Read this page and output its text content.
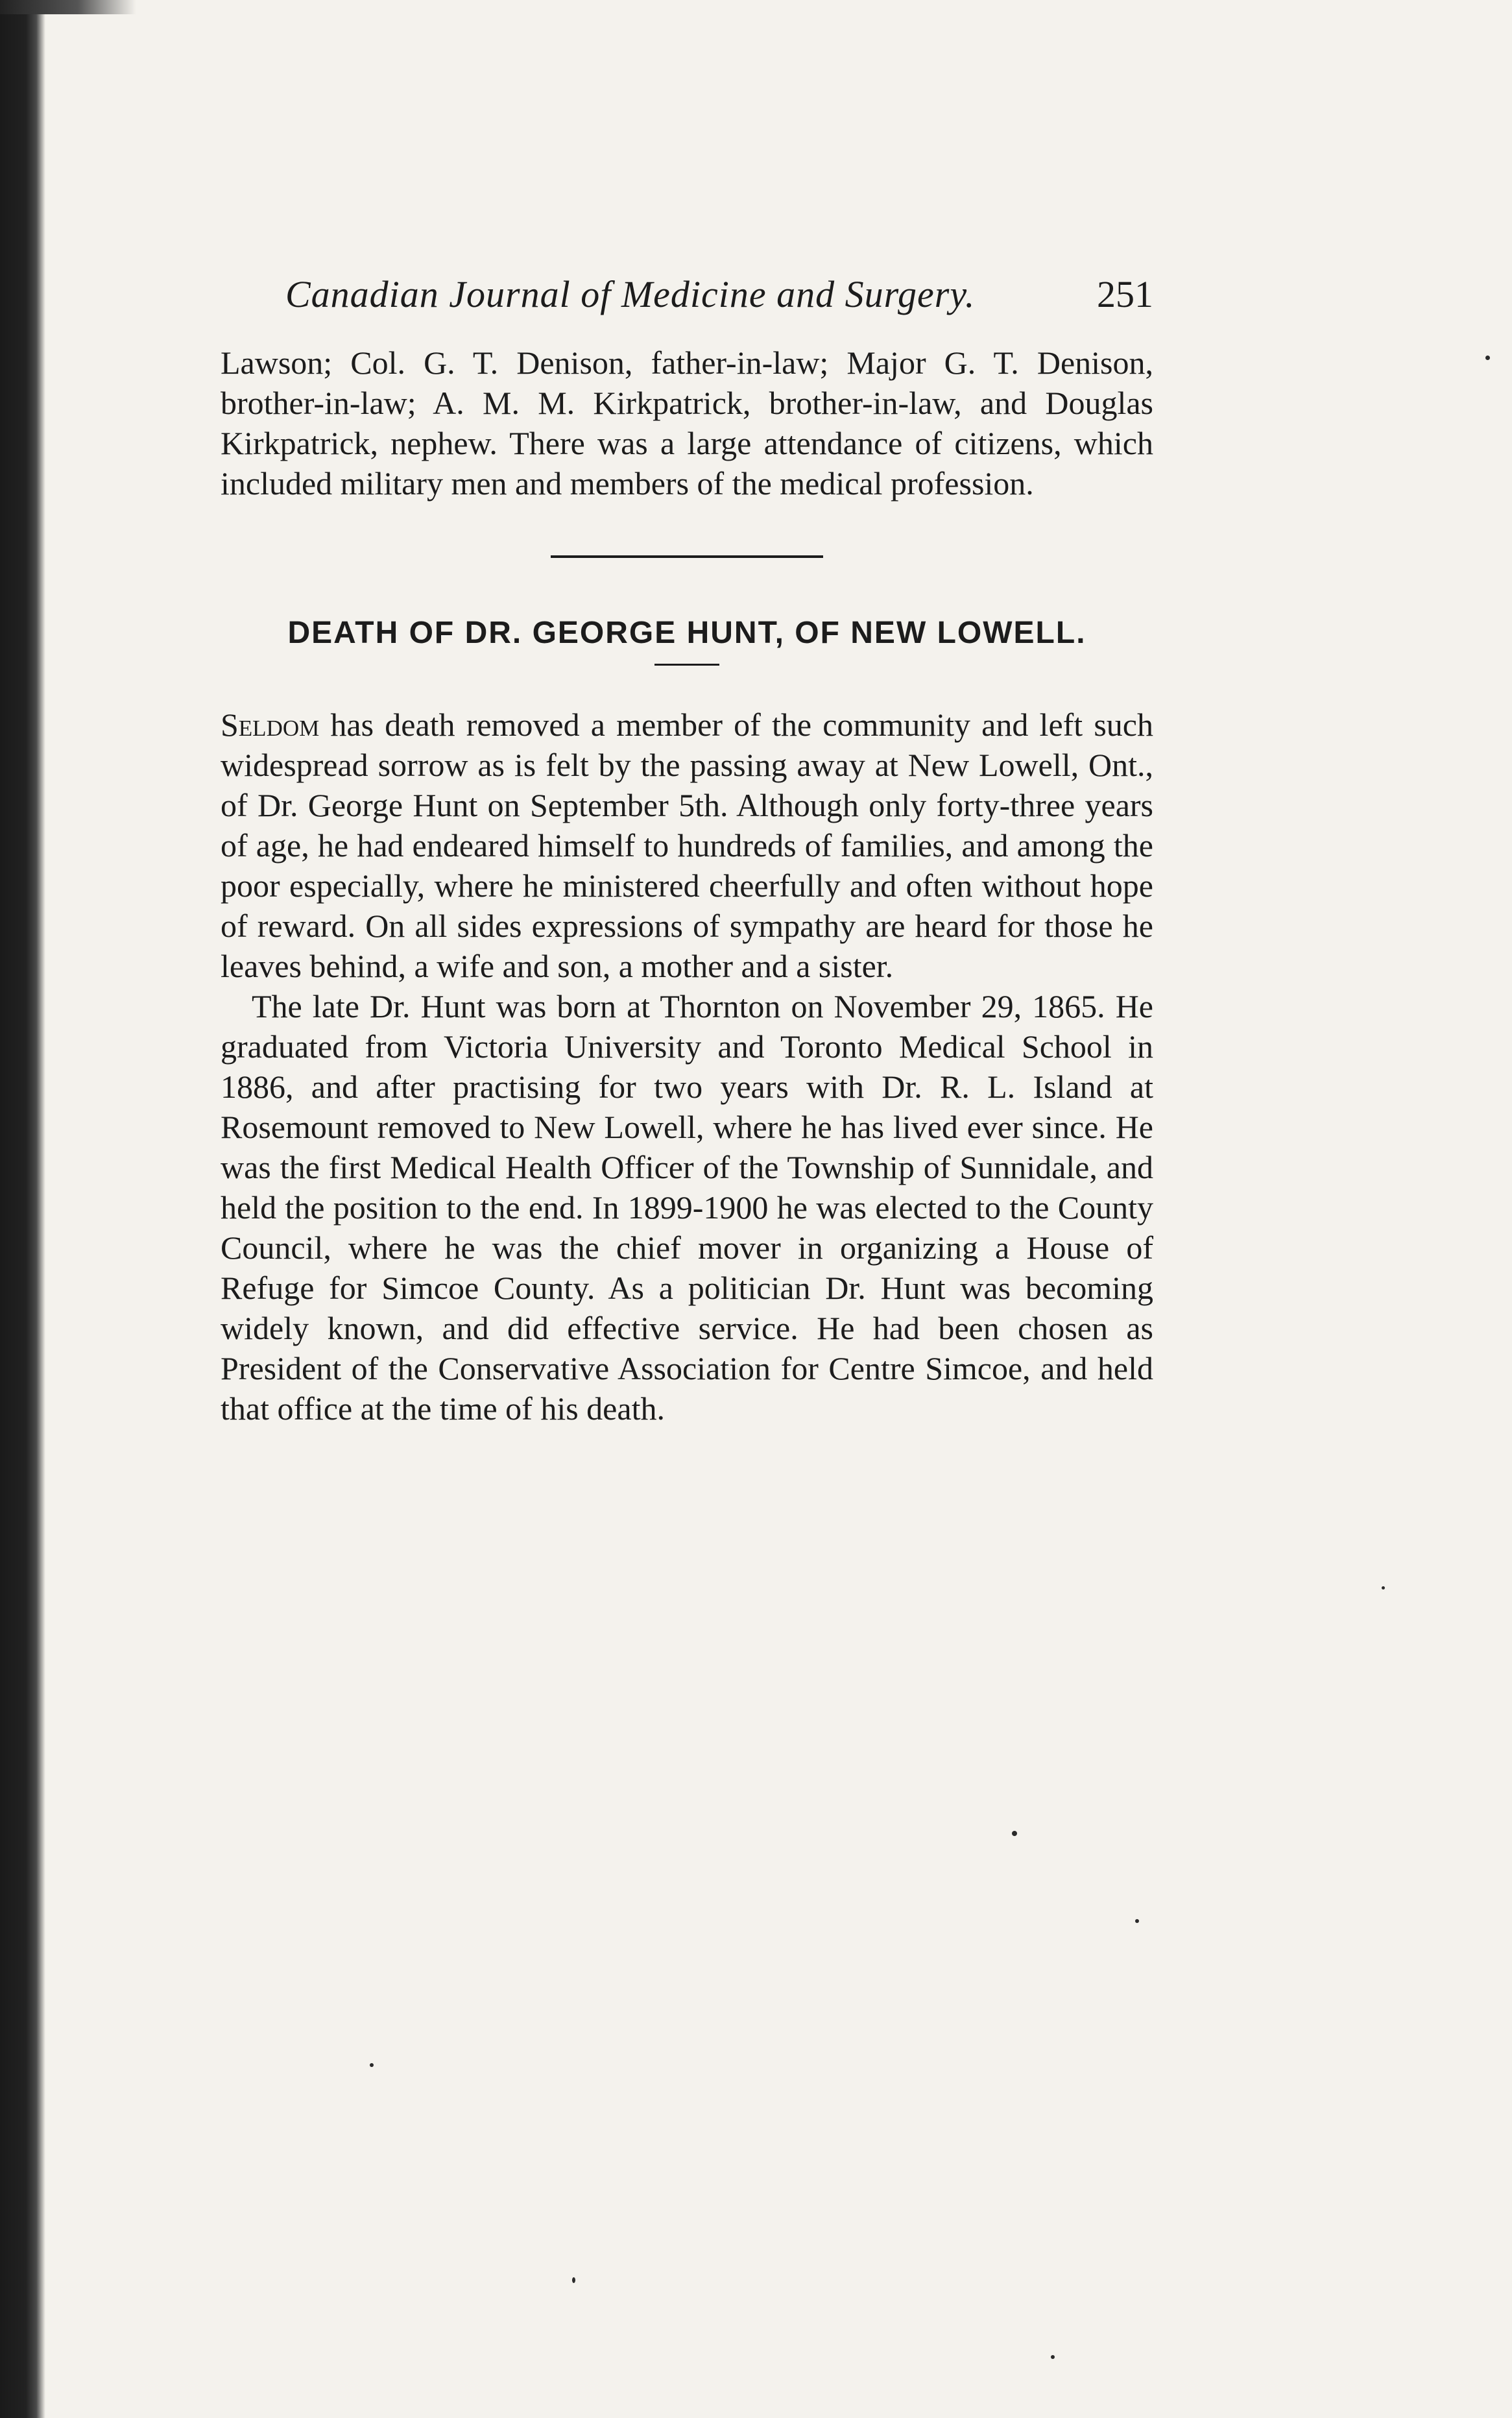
Canadian Journal of Medicine and Surgery.	251

Lawson; Col. G. T. Denison, father-in-law; Major G. T. Denison, brother-in-law; A. M. M. Kirkpatrick, brother-in-law, and Douglas Kirkpatrick, nephew. There was a large attendance of citizens, which included military men and members of the medical profession.

DEATH OF DR. GEORGE HUNT, OF NEW LOWELL.

Seldom has death removed a member of the community and left such widespread sorrow as is felt by the passing away at New Lowell, Ont., of Dr. George Hunt on September 5th. Although only forty-three years of age, he had endeared himself to hundreds of families, and among the poor especially, where he ministered cheerfully and often without hope of reward. On all sides expressions of sympathy are heard for those he leaves behind, a wife and son, a mother and a sister.

The late Dr. Hunt was born at Thornton on November 29, 1865. He graduated from Victoria University and Toronto Medical School in 1886, and after practising for two years with Dr. R. L. Island at Rosemount removed to New Lowell, where he has lived ever since. He was the first Medical Health Officer of the Township of Sunnidale, and held the position to the end. In 1899-1900 he was elected to the County Council, where he was the chief mover in organizing a House of Refuge for Simcoe County. As a politician Dr. Hunt was becoming widely known, and did effective service. He had been chosen as President of the Conservative Association for Centre Simcoe, and held that office at the time of his death.
